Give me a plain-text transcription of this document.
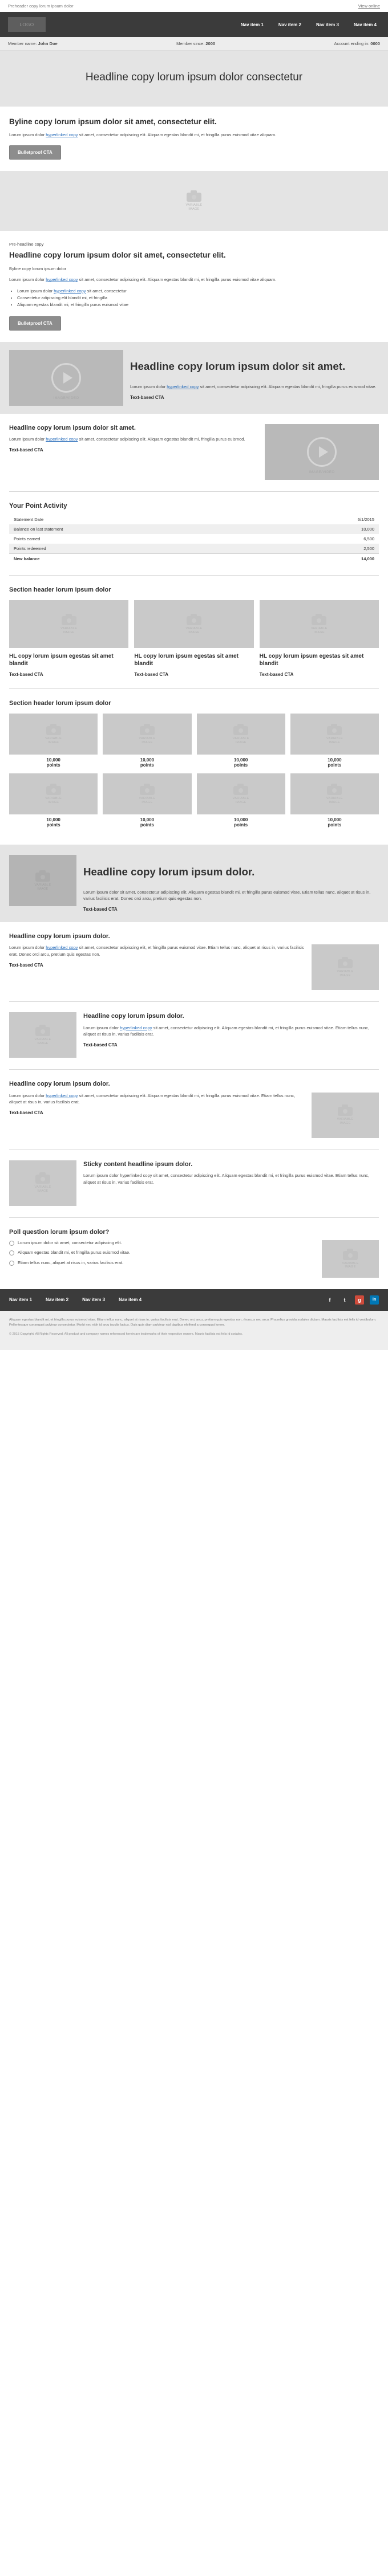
Preheader copy lorum ipsum dolor	View online
LOGO	Nav item 1	Nav item 2	Nav item 3	Nav item 4
Member name: John Doe	Member since: 2000	Account ending in: 0000
Headline copy lorum ipsum dolor consectetur
Byline copy lorum ipsum dolor sit amet, consectetur elit.

Lorum ipsum dolor hyperlinked copy sit amet, consectetur adipiscing elit. Aliquam egestas blandit mi, et fringilla purus euismod vitae aliquam.

Bulletproof CTA
VARIABLE
IMAGE

Pre-headline copy

Headline copy lorum ipsum dolor sit amet, consectetur elit.

Byline copy lorum ipsum dolor

Lorum ipsum dolor hyperlinked copy sit amet, consectetur adipiscing elit. Aliquam egestas blandit mi, et fringilla purus euismod vitae aliquam.

• Lorum ipsum dolor hyperlinked copy sit amet, consectetur
• Consectetur adipiscing elit blandit mi, et fringilla
• Aliquam egestas blandit mi, et fringilla purus euismod vitae
Bulletproof CTA
IMAGE/VIDEO
Headline copy lorum ipsum dolor sit amet.

Lorum ipsum dolor hyperlinked copy sit amet, consectetur adipiscing elit. Aliquam egestas blandit mi, fringilla purus euismod vitae.

Text-based CTA
Headline copy lorum ipsum dolor sit amet.

Lorum ipsum dolor hyperlinked copy sit amet, consectetur adipiscing elit. Aliquam egestas blandit mi, fringilla purus euismod.

Text-based CTA
IMAGE/VIDEO
Your Point Activity
Statement Date	6/1/2015
Balance on last statement	10,000
Points earned	6,500
Points redeemed	2,500
New balance	14,000
Section header lorum ipsum dolor
VARIABLE
IMAGE
HL copy lorum ipsum egestas sit amet blandit
Text-based CTA
VARIABLE
IMAGE
HL copy lorum ipsum egestas sit amet blandit
Text-based CTA
VARIABLE
IMAGE
HL copy lorum ipsum egestas sit amet blandit
Text-based CTA
Section header lorum ipsum dolor
VARIABLE
IMAGE
10,000
points
VARIABLE
IMAGE
10,000
points
VARIABLE
IMAGE
10,000
points
VARIABLE
IMAGE
10,000
points
VARIABLE
IMAGE
10,000
points
VARIABLE
IMAGE
10,000
points
VARIABLE
IMAGE
10,000
points
VARIABLE
IMAGE
10,000
points
VARIABLE
IMAGE
Headline copy lorum ipsum dolor.

Lorum ipsum dolor sit amet, consectetur adipiscing elit. Aliquam egestas blandit mi, et fringilla purus euismod vitae. Etiam tellus nunc, aliquet at risus in, varius facilisis erat. Donec orci arcu, pretium quis egestas non.

Text-based CTA
Headline copy lorum ipsum dolor.

Lorum ipsum dolor hyperlinked copy sit amet, consectetur adipiscing elit, et fringilla purus euismod vitae. Etiam tellus nunc, aliquet at risus in, varius facilisis erat. Donec orci arcu, pretium quis egestas non.

Text-based CTA
VARIABLE
IMAGE
VARIABLE
IMAGE
Headline copy lorum ipsum dolor.

Lorum ipsum dolor hyperlinked copy sit amet, consectetur adipiscing elit. Aliquam egestas blandit mi, et fringilla purus euismod vitae. Etiam tellus nunc, aliquet at risus in, varius facilisis erat.

Text-based CTA
Headline copy lorum ipsum dolor.

Lorum ipsum dolor hyperlinked copy sit amet, consectetur adipiscing elit. Aliquam egestas blandit mi, et fringilla purus euismod vitae. Etiam tellus nunc, aliquet at risus in, varius facilisis erat.

Text-based CTA
VARIABLE
IMAGE
VARIABLE
IMAGE
Sticky content headline ipsum dolor.

Lorum ipsum dolor hyperlinked copy sit amet, consectetur adipiscing elit. Aliquam egestas blandit mi, et fringilla purus euismod vitae. Etiam tellus nunc, aliquet at risus in, varius facilisis erat.

Poll question lorum ipsum dolor?
Lorum ipsum dolor sit amet, consectetur adipiscing elit.
Aliquam egestas blandit mi, et fringilla purus euismod vitae.
Etiam tellus nunc, aliquet at risus in, varius facilisis erat.	VARIABLE
IMAGE
Nav item 1	Nav item 2	Nav item 3	Nav item 4	f	t	g	in

Aliquam egestas blandit mi, et fringilla purus euismod vitae. Etiam tellus nunc, aliquet at risus in, varius facilisis erat. Donec orci arcu, pretium quis egestas non, rhoncus nec arcu. Phasellus gravida sodales dictum. Mauris facilisis est felis id vestibulum. Pellentesque consequat pulvinar consectetur. Morbi nec nibh id arcu iaculis luctus. Duis quis diam pulvinar nisl dapibus eleifend a consequat lorem.

© 2015 Copyright. All Rights Reserved. All product and company names referenced herein are trademarks of their respective owners. Mauris facilisis est felis id sodales.
